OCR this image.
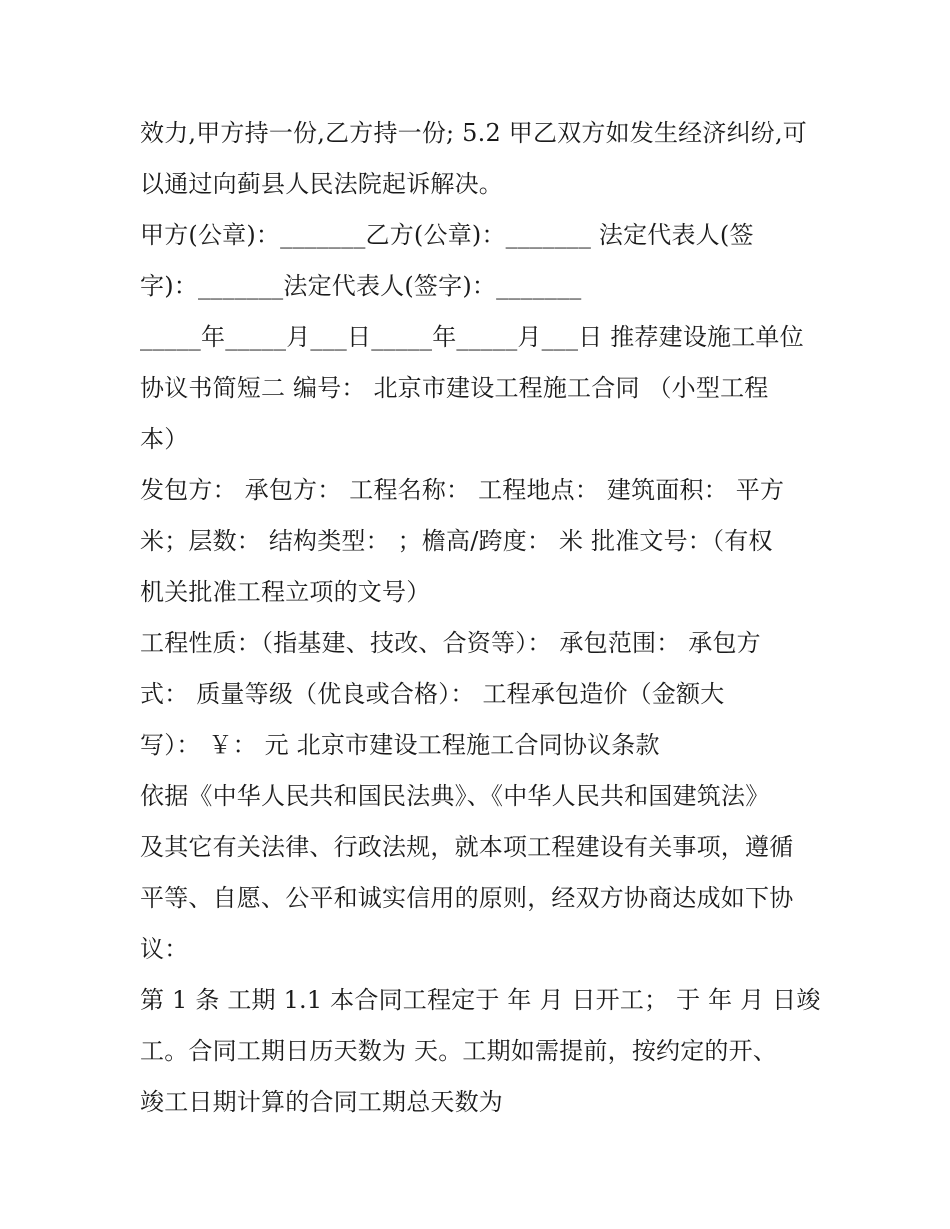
效力,甲方持一份,乙方持一份; 5.2 甲乙双方如发生经济纠纷,可
以通过向蓟县人民法院起诉解决。
甲方(公章)：_______乙方(公章)：_______ 法定代表人(签
字)：_______法定代表人(签字)：_______
_____年_____月___日_____年_____月___日 推荐建设施工单位
协议书简短二 编号： 北京市建设工程施工合同 （小型工程
本）
发包方： 承包方： 工程名称： 工程地点： 建筑面积： 平方
米；层数： 结构类型： ；檐高/跨度： 米 批准文号：（有权
机关批准工程立项的文号）
工程性质：（指基建、技改、合资等）： 承包范围： 承包方
式： 质量等级（优良或合格）： 工程承包造价（金额大
写）： ￥： 元 北京市建设工程施工合同协议条款
依据《中华人民共和国民法典》、《中华人民共和国建筑法》
及其它有关法律、行政法规，就本项工程建设有关事项，遵循
平等、自愿、公平和诚实信用的原则，经双方协商达成如下协
议：
第 1 条 工期 1.1 本合同工程定于 年 月 日开工； 于 年 月 日竣
工。合同工期日历天数为 天。工期如需提前，按约定的开、
竣工日期计算的合同工期总天数为
